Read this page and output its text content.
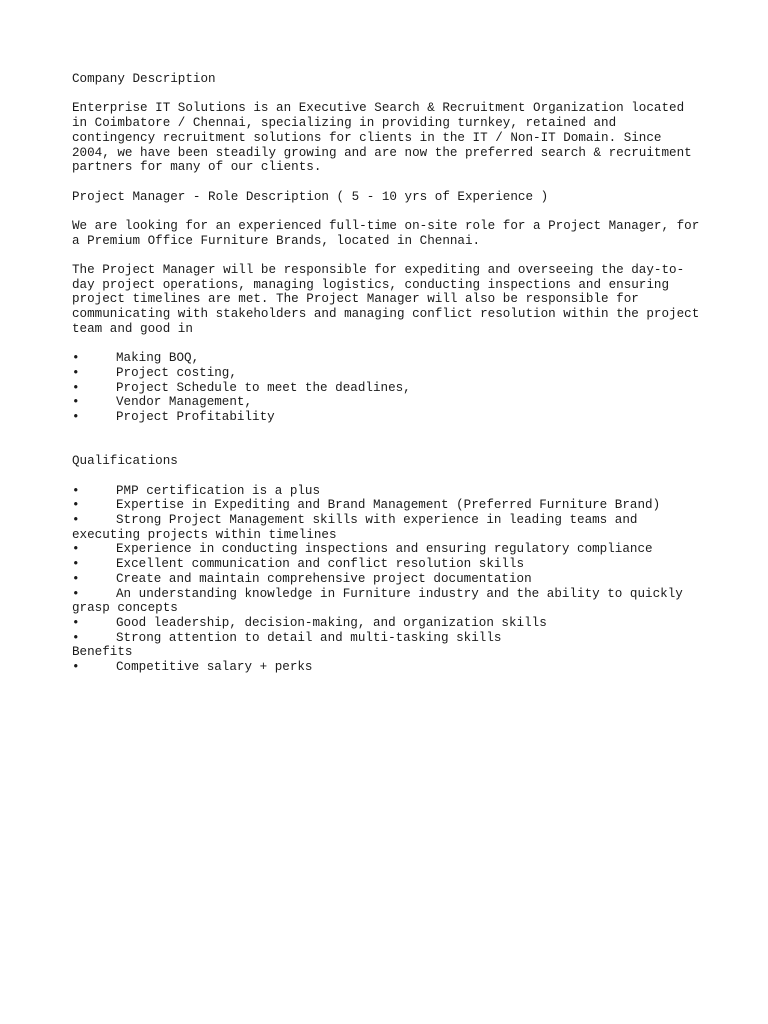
Company Description
Enterprise IT Solutions is an Executive Search & Recruitment Organization located
in Coimbatore / Chennai, specializing in providing turnkey, retained and
contingency recruitment solutions for clients in the IT / Non-IT Domain. Since
2004, we have been steadily growing and are now the preferred search & recruitment
partners for many of our clients.
Project Manager - Role Description ( 5 - 10 yrs of Experience )
We are looking for an experienced full-time on-site role for a Project Manager, for
a Premium Office Furniture Brands, located in Chennai.
The Project Manager will be responsible for expediting and overseeing the day-to-
day project operations, managing logistics, conducting inspections and ensuring
project timelines are met. The Project Manager will also be responsible for
communicating with stakeholders and managing conflict resolution within the project
team and good in
•	Making BOQ,
•	Project costing,
•	Project Schedule to meet the deadlines,
•	Vendor Management,
•	Project Profitability
Qualifications
•	PMP certification is a plus
•	Expertise in Expediting and Brand Management (Preferred Furniture Brand)
•	Strong Project Management skills with experience in leading teams and
executing projects within timelines
•	Experience in conducting inspections and ensuring regulatory compliance
•	Excellent communication and conflict resolution skills
•	Create and maintain comprehensive project documentation
•	An understanding knowledge in Furniture industry and the ability to quickly
grasp concepts
•	Good leadership, decision-making, and organization skills
•	Strong attention to detail and multi-tasking skills
Benefits
•	Competitive salary + perks
